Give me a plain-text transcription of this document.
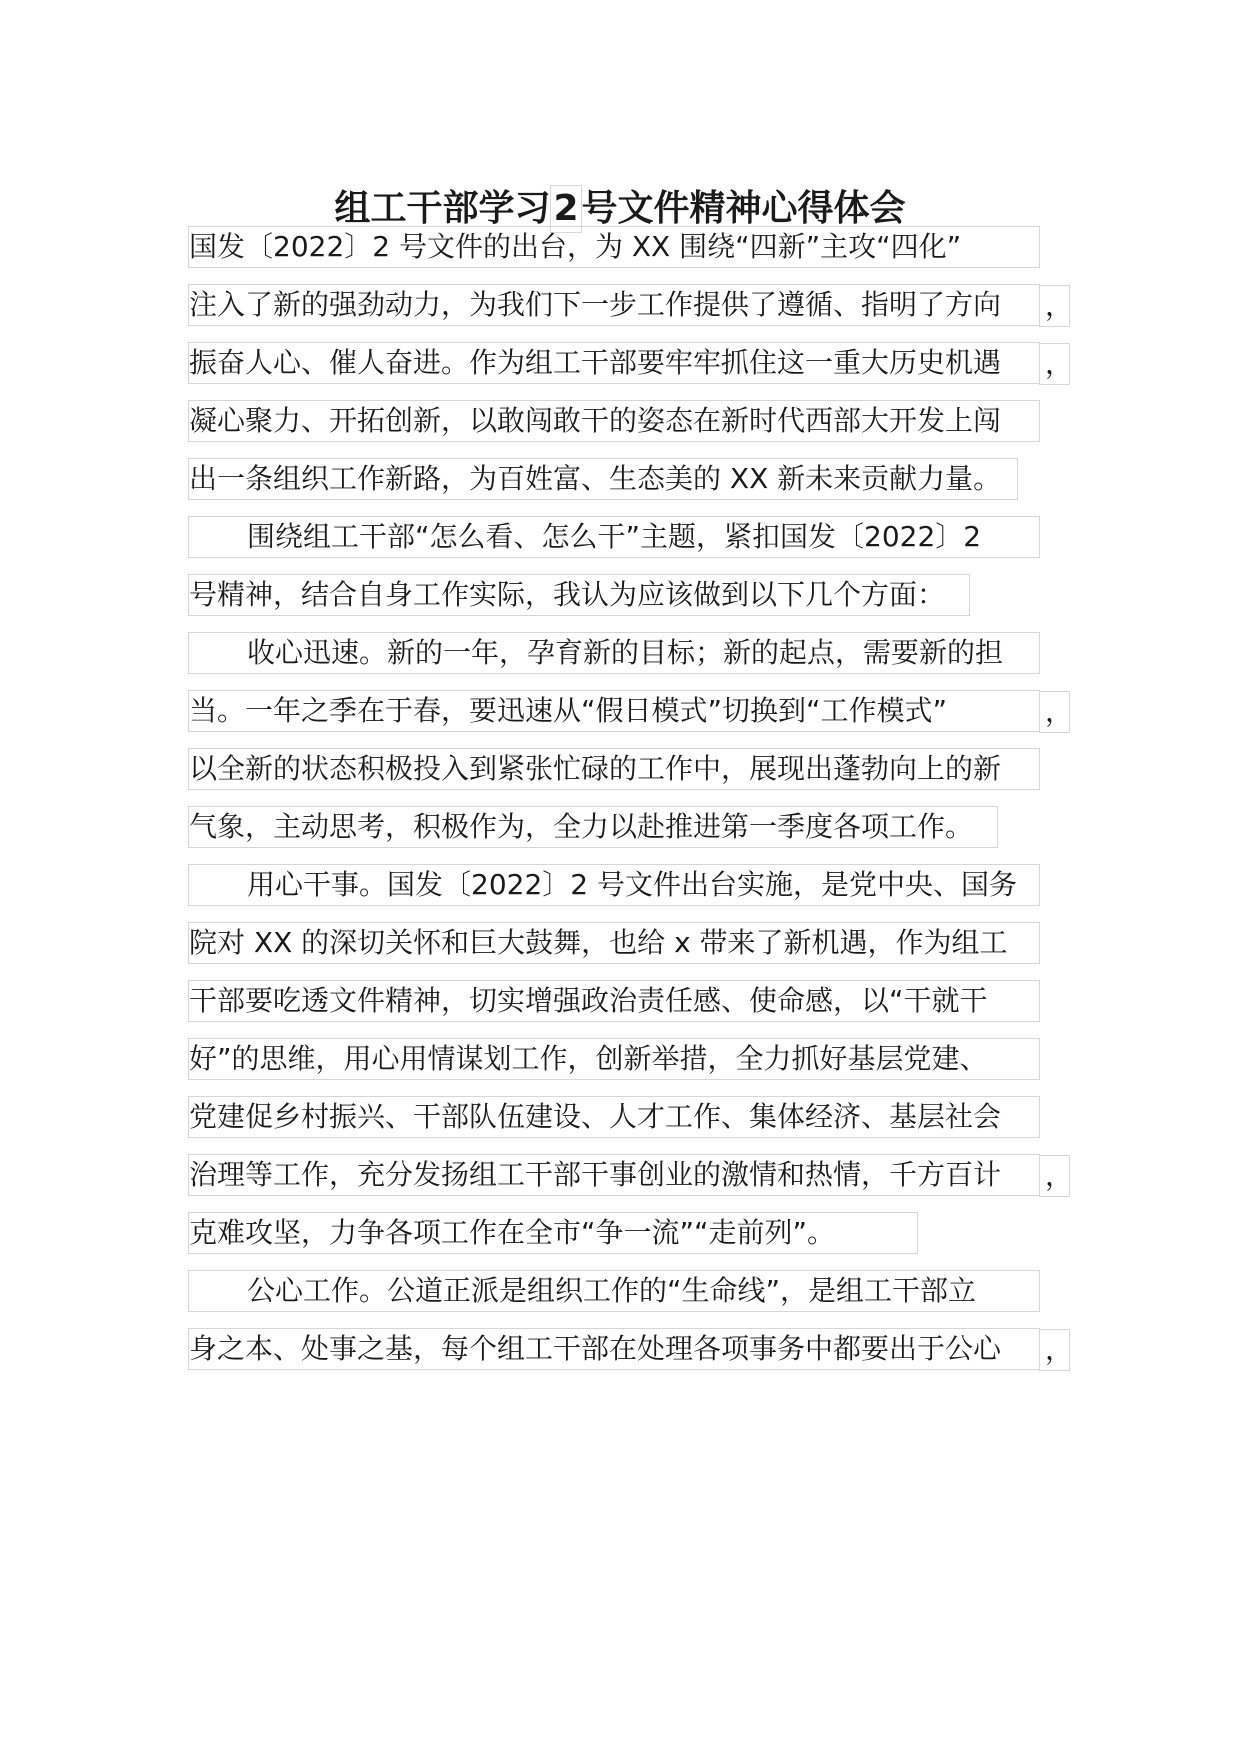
组工干部学习2号文件精神心得体会
国发〔2022〕2 号文件的出台，为 XX 围绕“四新”主攻“四化”
注入了新的强劲动力，为我们下一步工作提供了遵循、指明了方向 ，
振奋人心、催人奋进。作为组工干部要牢牢抓住这一重大历史机遇 ，
凝心聚力、开拓创新，以敢闯敢干的姿态在新时代西部大开发上闯
出一条组织工作新路，为百姓富、生态美的 XX 新未来贡献力量。
围绕组工干部“怎么看、怎么干”主题，紧扣国发〔2022〕2
号精神，结合自身工作实际，我认为应该做到以下几个方面：
收心迅速。新的一年，孕育新的目标；新的起点，需要新的担
当。一年之季在于春，要迅速从“假日模式”切换到“工作模式”	，
以全新的状态积极投入到紧张忙碌的工作中，展现出蓬勃向上的新
气象，主动思考，积极作为，全力以赴推进第一季度各项工作。
用心干事。国发〔2022〕2 号文件出台实施，是党中央、国务
院对 XX 的深切关怀和巨大鼓舞，也给 x 带来了新机遇，作为组工
干部要吃透文件精神，切实增强政治责任感、使命感，以“干就干
好”的思维，用心用情谋划工作，创新举措，全力抓好基层党建、
党建促乡村振兴、干部队伍建设、人才工作、集体经济、基层社会
治理等工作，充分发扬组工干部干事创业的激情和热情，千方百计 ，
克难攻坚，力争各项工作在全市“争一流”“走前列”。
公心工作。公道正派是组织工作的“生命线”，是组工干部立
身之本、处事之基，每个组工干部在处理各项事务中都要出于公心 ，
